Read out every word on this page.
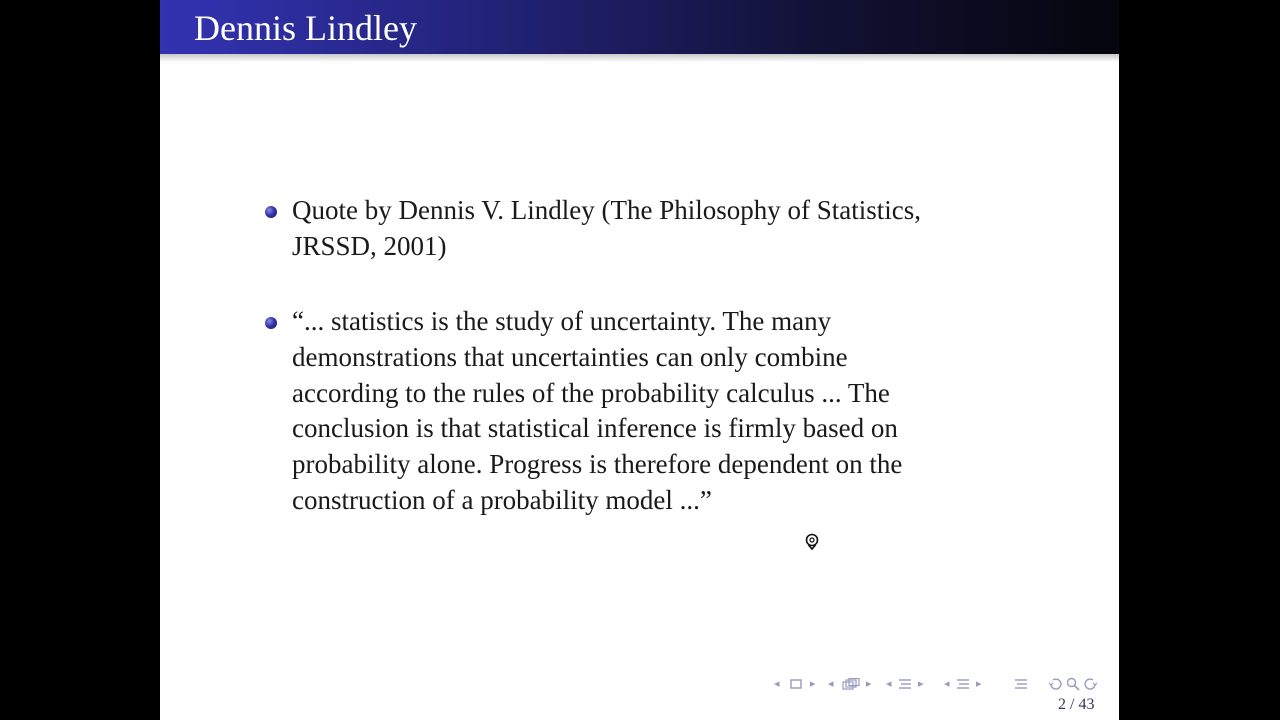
Dennis Lindley

Quote by Dennis V. Lindley (The Philosophy of Statistics,
JRSSD, 2001)

“... statistics is the study of uncertainty. The many
demonstrations that uncertainties can only combine
according to the rules of the probability calculus ... The
conclusion is that statistical inference is firmly based on
probability alone. Progress is therefore dependent on the
construction of a probability model ...”

◂	▸ ◂	▸ ◂ ▸ ◂ ▸
2 / 43
